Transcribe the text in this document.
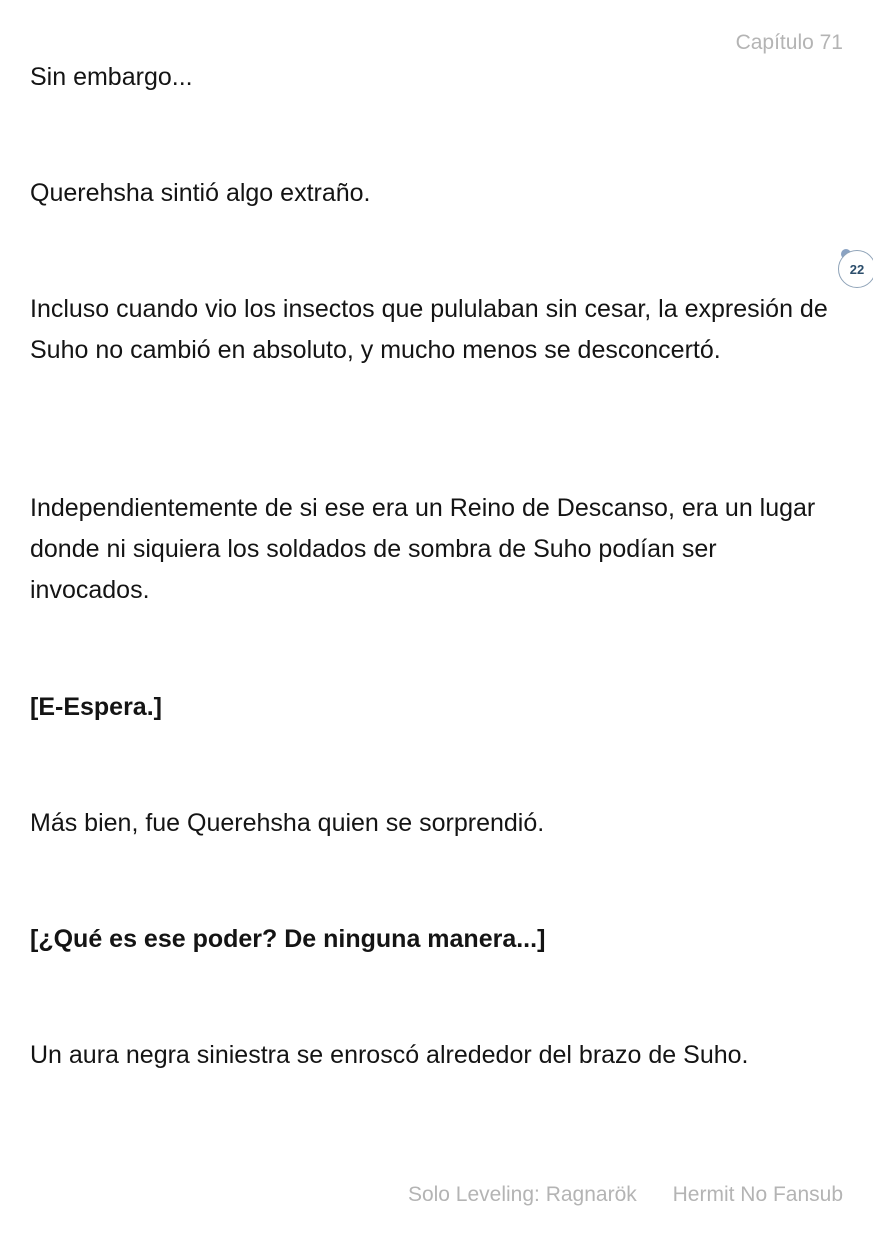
Capítulo 71

Sin embargo...

Querehsha sintió algo extraño.

22

Incluso cuando vio los insectos que pululaban sin cesar, la expresión de Suho no cambió en absoluto, y mucho menos se desconcertó.

Independientemente de si ese era un Reino de Descanso, era un lugar donde ni siquiera los soldados de sombra de Suho podían ser invocados.

[E-Espera.]

Más bien, fue Querehsha quien se sorprendió.

[¿Qué es ese poder? De ninguna manera...]

Un aura negra siniestra se enroscó alrededor del brazo de Suho.

Solo Leveling: Ragnarök Hermit No Fansub
